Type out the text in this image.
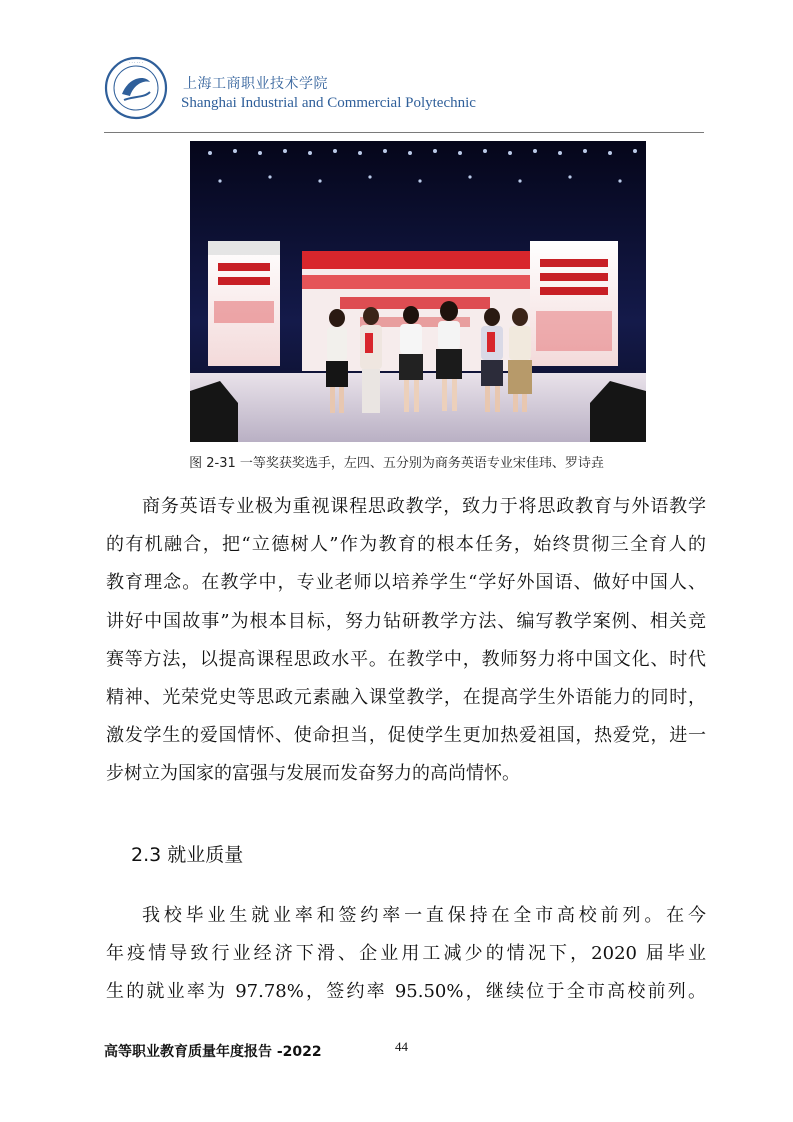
· · · · · ·
上海工商职业技术学院
Shanghai Industrial and Commercial Polytechnic
图 2-31 一等奖获奖选手，左四、五分别为商务英语专业宋佳玮、罗诗垚
商务英语专业极为重视课程思政教学，致力于将思政教育与外语教学
的有机融合，把“立德树人”作为教育的根本任务，始终贯彻三全育人的
教育理念。在教学中，专业老师以培养学生“学好外国语、做好中国人、
讲好中国故事”为根本目标，努力钻研教学方法、编写教学案例、相关竞
赛等方法，以提高课程思政水平。在教学中，教师努力将中国文化、时代
精神、光荣党史等思政元素融入课堂教学，在提高学生外语能力的同时，
激发学生的爱国情怀、使命担当，促使学生更加热爱祖国，热爱党，进一
步树立为国家的富强与发展而发奋努力的高尚情怀。
2.3 就业质量
我校毕业生就业率和签约率一直保持在全市高校前列。在今
年疫情导致行业经济下滑、企业用工减少的情况下，2020 届毕业
生的就业率为 97.78%，签约率 95.50%，继续位于全市高校前列。
高等职业教育质量年度报告 -2022	44
